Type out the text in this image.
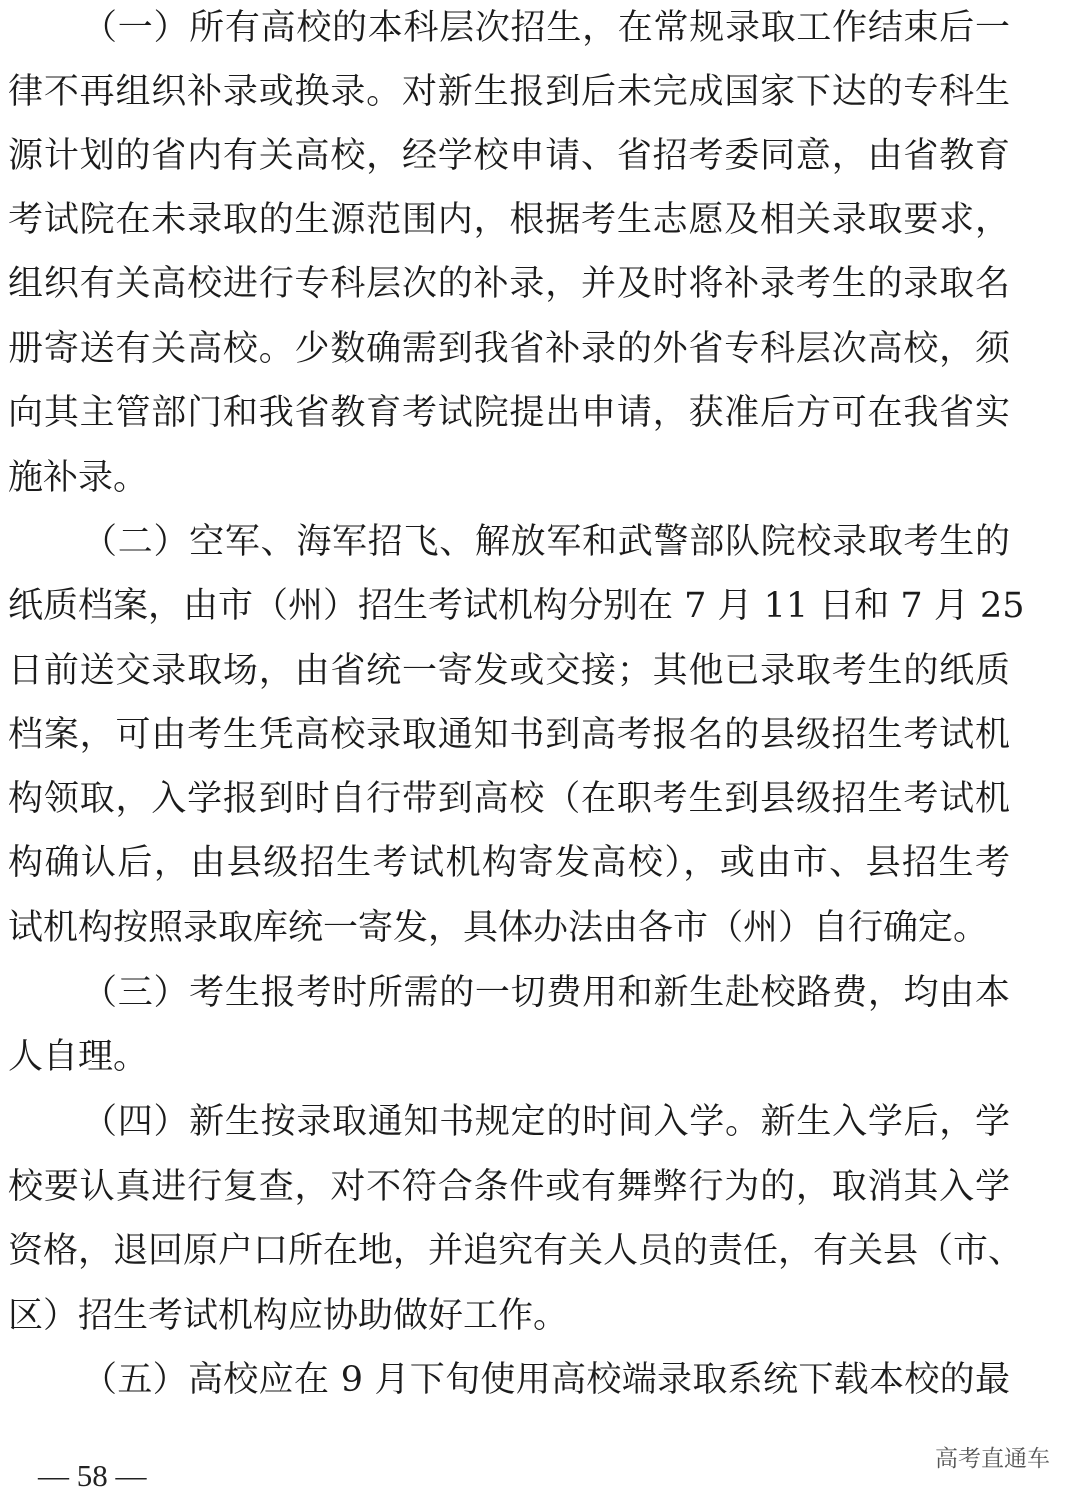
（一）所有高校的本科层次招生，在常规录取工作结束后一
律不再组织补录或换录。对新生报到后未完成国家下达的专科生
源计划的省内有关高校，经学校申请、省招考委同意，由省教育
考试院在未录取的生源范围内，根据考生志愿及相关录取要求，
组织有关高校进行专科层次的补录，并及时将补录考生的录取名
册寄送有关高校。少数确需到我省补录的外省专科层次高校，须
向其主管部门和我省教育考试院提出申请，获准后方可在我省实
施补录。
（二）空军、海军招飞、解放军和武警部队院校录取考生的
纸质档案，由市（州）招生考试机构分别在 7 月 11 日和 7 月 25
日前送交录取场，由省统一寄发或交接；其他已录取考生的纸质
档案，可由考生凭高校录取通知书到高考报名的县级招生考试机
构领取，入学报到时自行带到高校（在职考生到县级招生考试机
构确认后，由县级招生考试机构寄发高校），或由市、县招生考
试机构按照录取库统一寄发，具体办法由各市（州）自行确定。
（三）考生报考时所需的一切费用和新生赴校路费，均由本
人自理。
（四）新生按录取通知书规定的时间入学。新生入学后，学
校要认真进行复查，对不符合条件或有舞弊行为的，取消其入学
资格，退回原户口所在地，并追究有关人员的责任，有关县（市、
区）招生考试机构应协助做好工作。
（五）高校应在 9 月下旬使用高校端录取系统下载本校的最
— 58 —	高考直通车
